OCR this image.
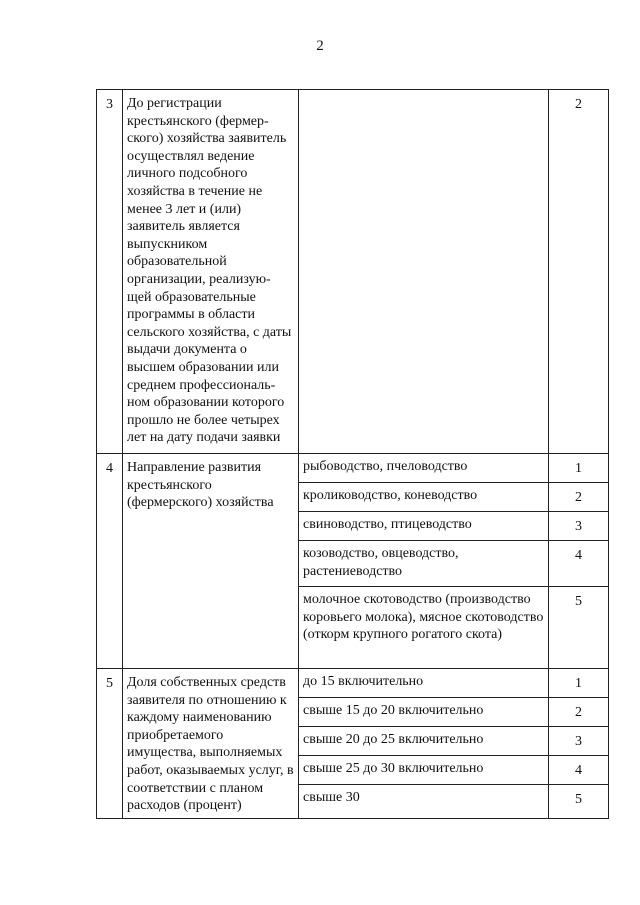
2
3	До регистрации крестьянского (фермер-ского) хозяйства заявитель осуществлял ведение личного подсобного хозяйства в течение не менее 3 лет и (или) заявитель является выпускником образовательной организации, реализую-щей образовательные программы в области сельского хозяйства, с даты выдачи документа о высшем образовании или среднем профессиональ-ном образовании которого прошло не более четырех лет на дату подачи заявки		2
4	Направление развития крестьянского (фермерского) хозяйства	рыбоводство, пчеловодство	1
		кролиководство, коневодство	2
		свиноводство, птицеводство	3
		козоводство, овцеводство, растениеводство	4
		молочное скотоводство (производство коровьего молока), мясное скотоводство (откорм крупного рогатого скота)	5
5	Доля собственных средств заявителя по отношению к каждому наименованию приобретаемого имущества, выполняемых работ, оказываемых услуг, в соответствии с планом расходов (процент)	до 15 включительно	1
		свыше 15 до 20 включительно	2
		свыше 20 до 25 включительно	3
		свыше 25 до 30 включительно	4
		свыше 30	5
